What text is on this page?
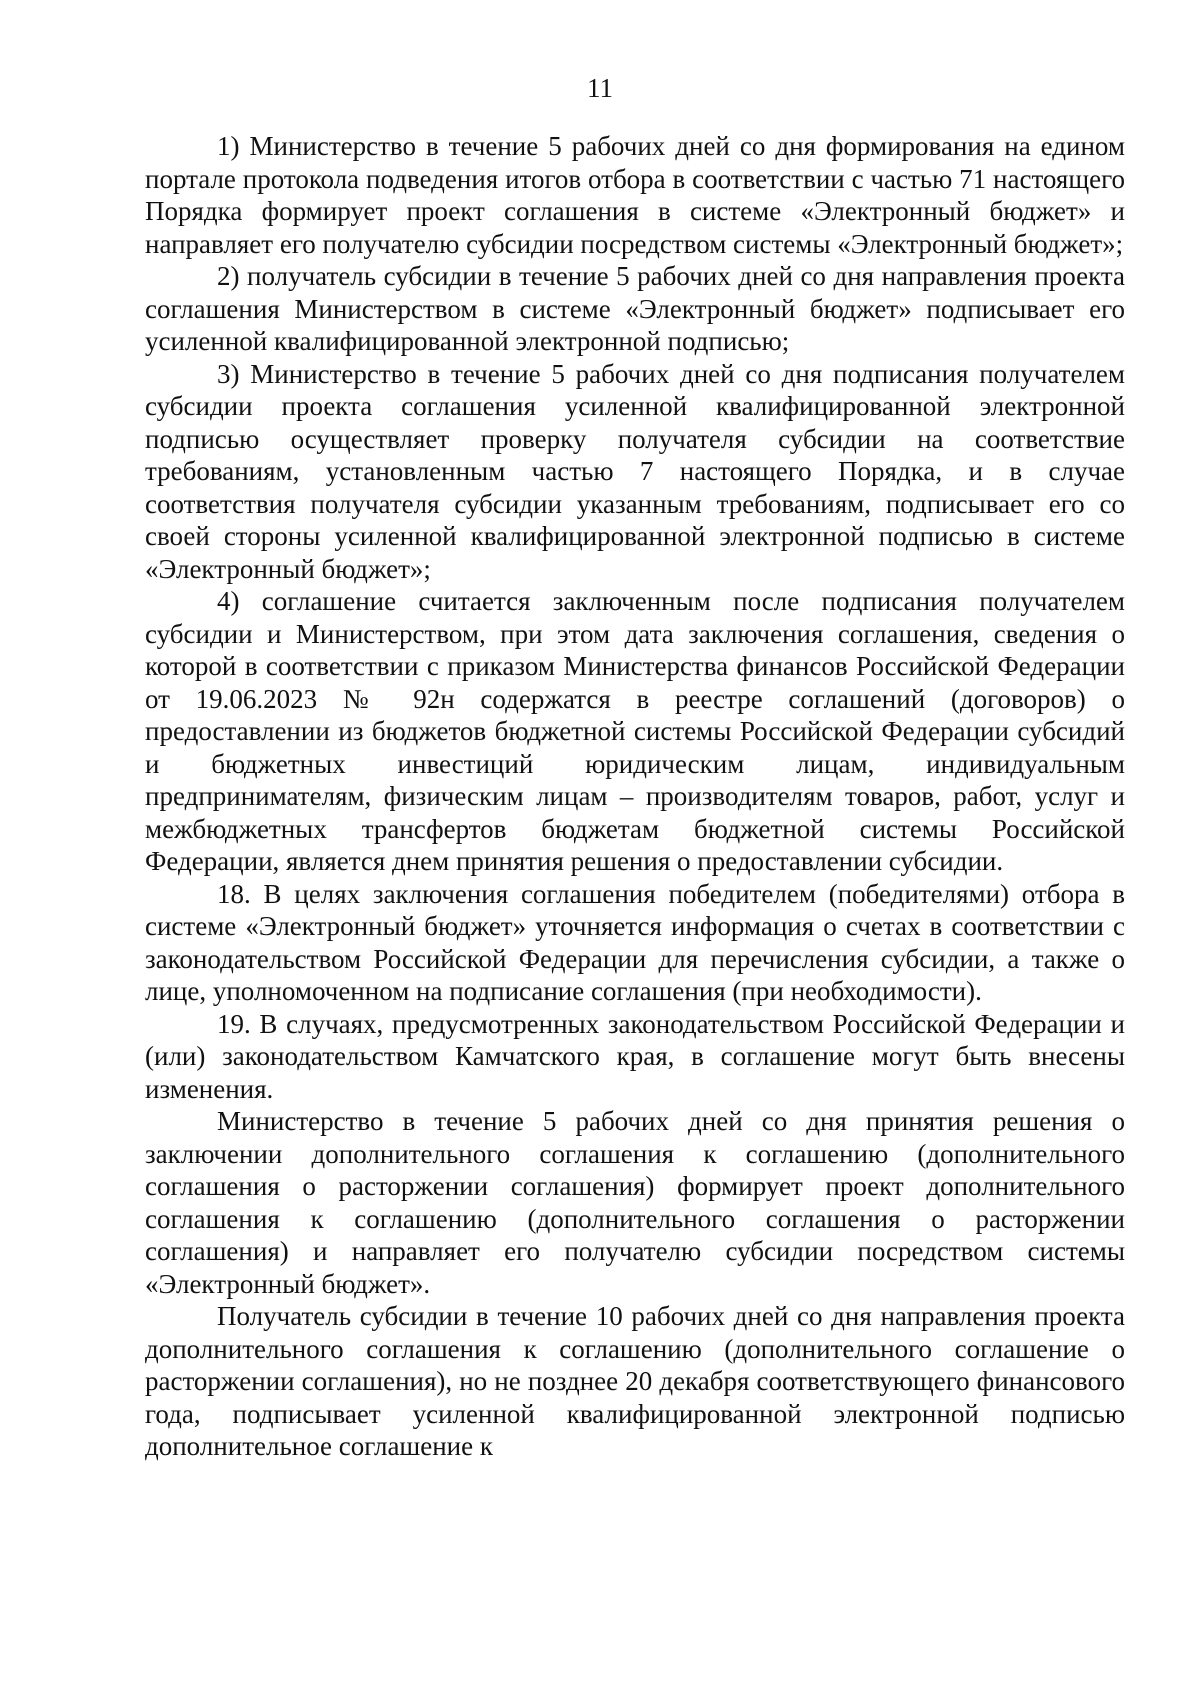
11

1) Министерство в течение 5 рабочих дней со дня формирования на едином портале протокола подведения итогов отбора в соответствии с частью 71 настоящего Порядка формирует проект соглашения в системе «Электронный бюджет» и направляет его получателю субсидии посредством системы «Электронный бюджет»;

2) получатель субсидии в течение 5 рабочих дней со дня направления проекта соглашения Министерством в системе «Электронный бюджет» подписывает его усиленной квалифицированной электронной подписью;

3) Министерство в течение 5 рабочих дней со дня подписания получателем субсидии проекта соглашения усиленной квалифицированной электронной подписью осуществляет проверку получателя субсидии на соответствие требованиям, установленным частью 7 настоящего Порядка, и в случае соответствия получателя субсидии указанным требованиям, подписывает его со своей стороны усиленной квалифицированной электронной подписью в системе «Электронный бюджет»;

4) соглашение считается заключенным после подписания получателем субсидии и Министерством, при этом дата заключения соглашения, сведения о которой в соответствии с приказом Министерства финансов Российской Федерации от 19.06.2023 № 92н содержатся в реестре соглашений (договоров) о предоставлении из бюджетов бюджетной системы Российской Федерации субсидий и бюджетных инвестиций юридическим лицам, индивидуальным предпринимателям, физическим лицам – производителям товаров, работ, услуг и межбюджетных трансфертов бюджетам бюджетной системы Российской Федерации, является днем принятия решения о предоставлении субсидии.

18. В целях заключения соглашения победителем (победителями) отбора в системе «Электронный бюджет» уточняется информация о счетах в соответствии с законодательством Российской Федерации для перечисления субсидии, а также о лице, уполномоченном на подписание соглашения (при необходимости).

19. В случаях, предусмотренных законодательством Российской Федерации и (или) законодательством Камчатского края, в соглашение могут быть внесены изменения.

Министерство в течение 5 рабочих дней со дня принятия решения о заключении дополнительного соглашения к соглашению (дополнительного соглашения о расторжении соглашения) формирует проект дополнительного соглашения к соглашению (дополнительного соглашения о расторжении соглашения) и направляет его получателю субсидии посредством системы «Электронный бюджет».

Получатель субсидии в течение 10 рабочих дней со дня направления проекта дополнительного соглашения к соглашению (дополнительного соглашение о расторжении соглашения), но не позднее 20 декабря соответствующего финансового года, подписывает усиленной квалифицированной электронной подписью дополнительное соглашение к
